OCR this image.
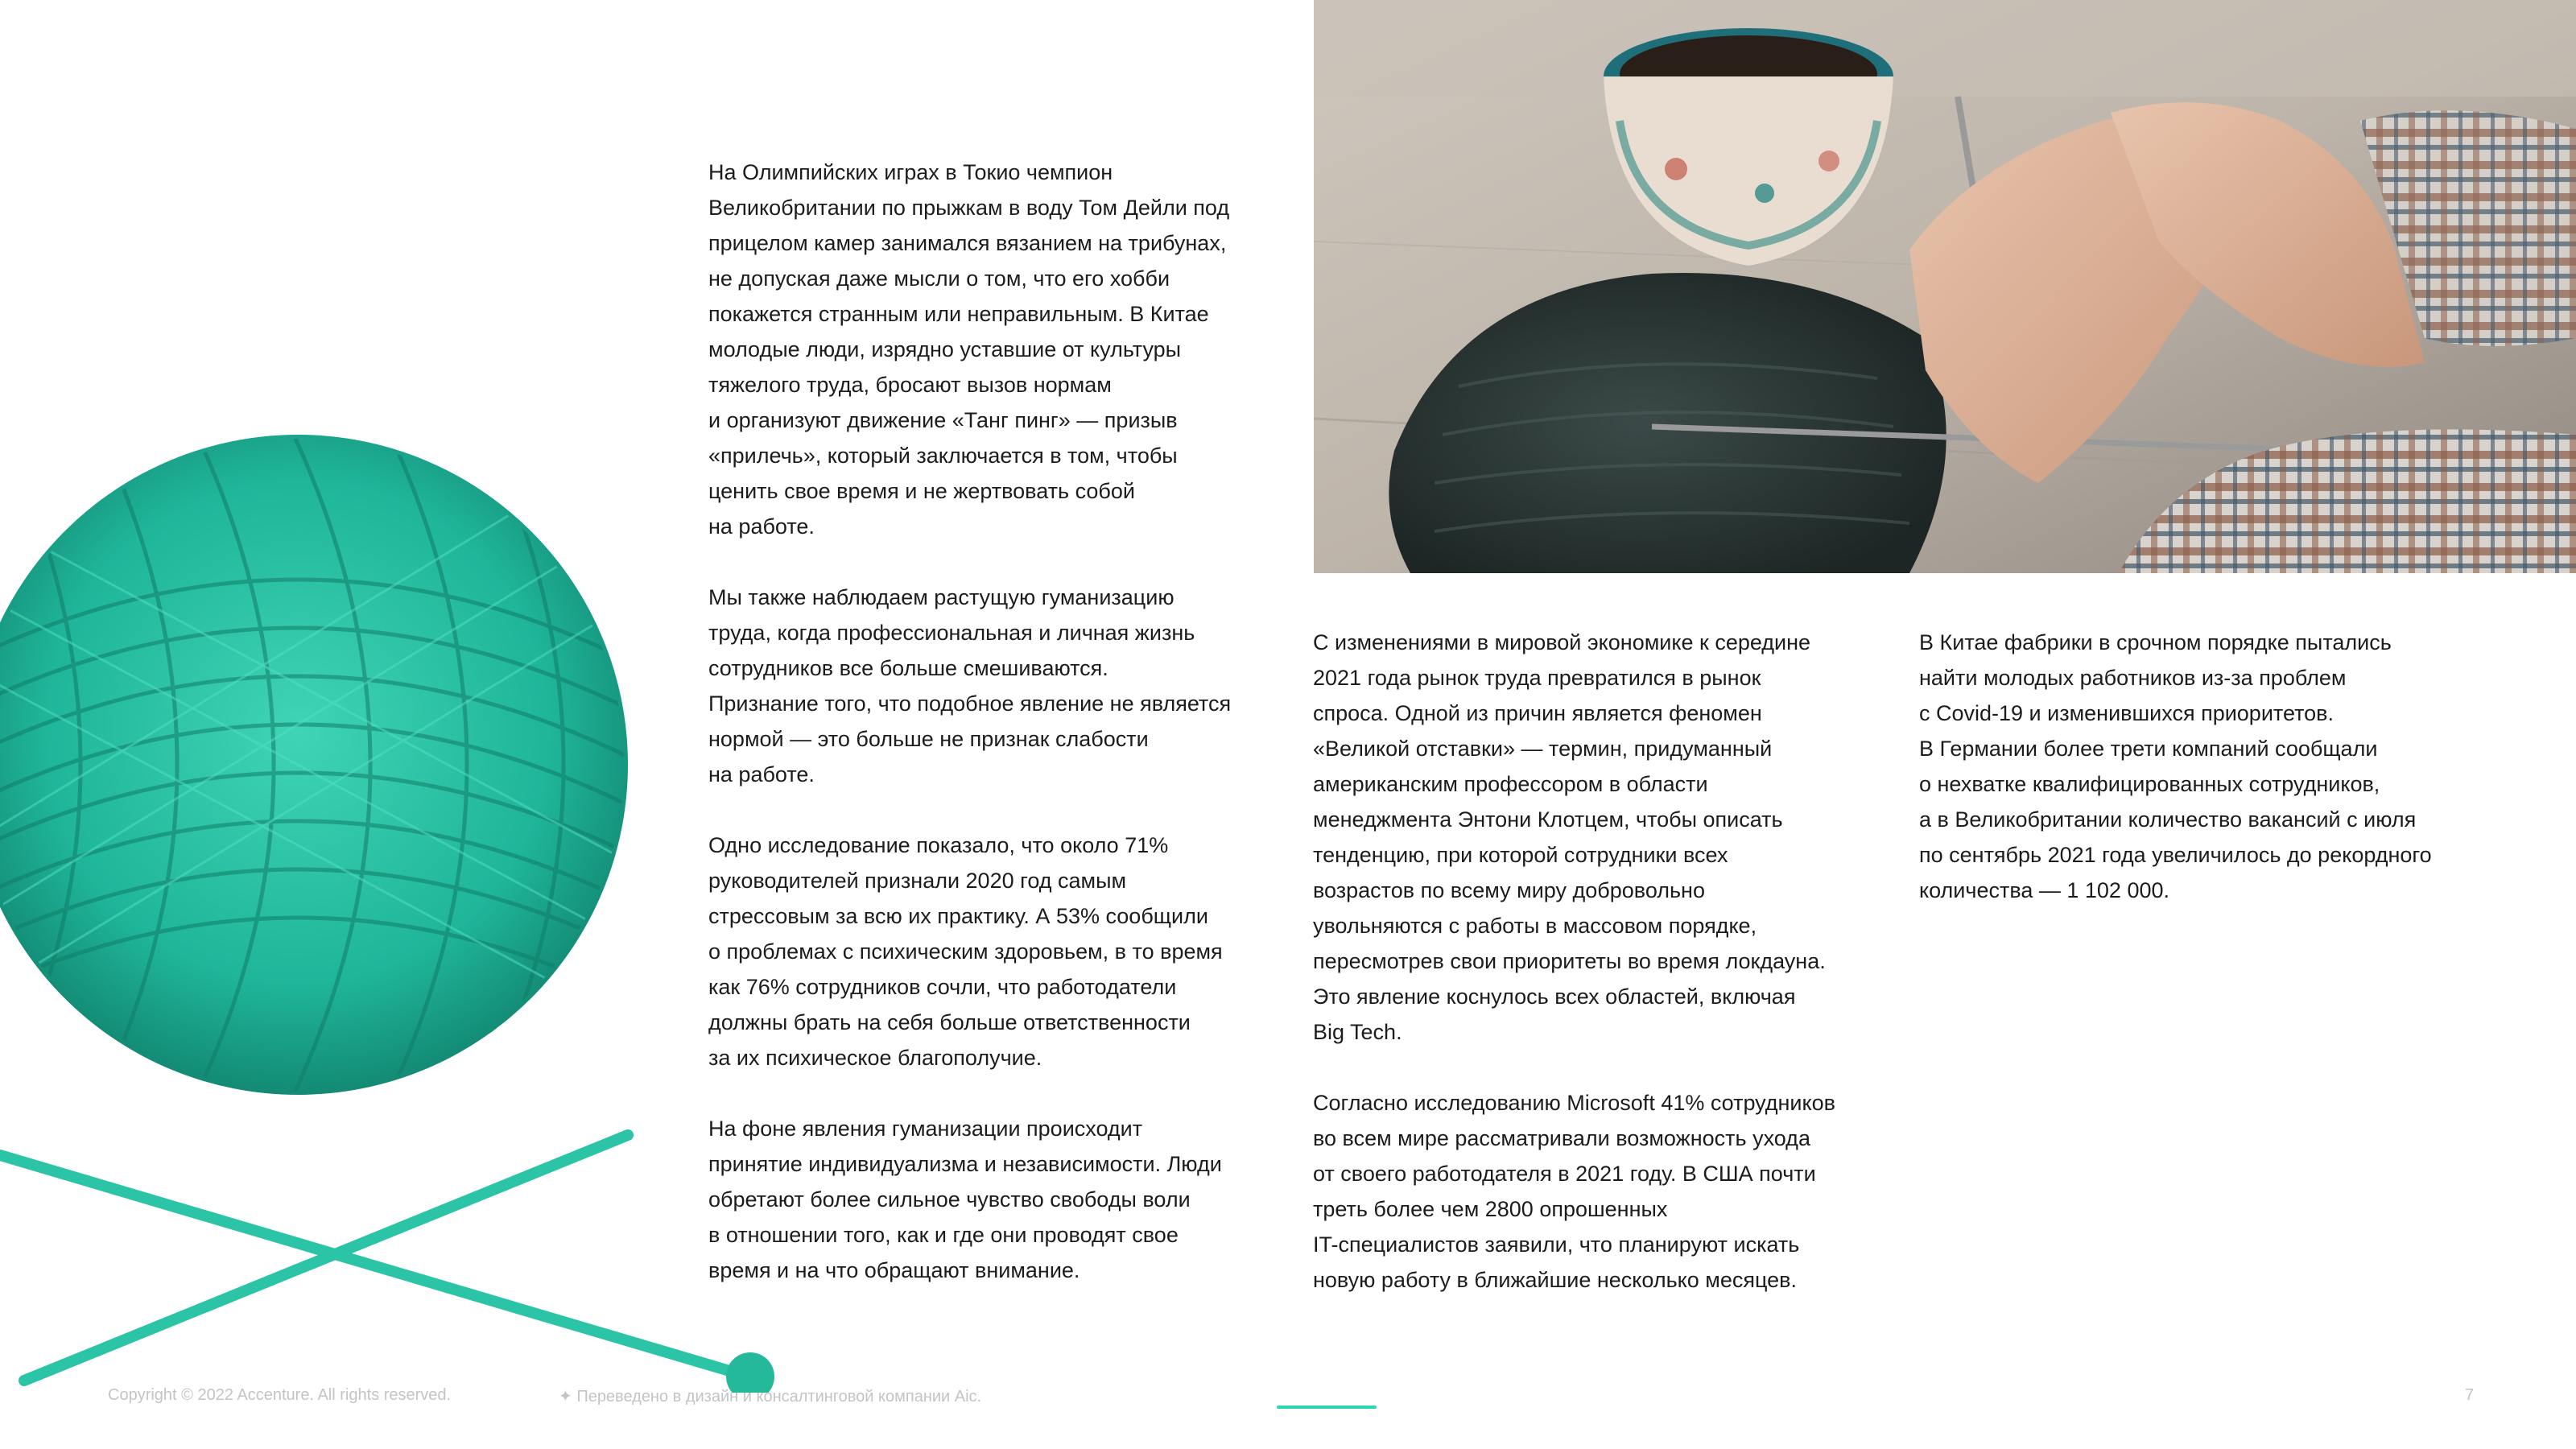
На Олимпийских играх в Токио чемпион
Великобритании по прыжкам в воду Том Дейли под
прицелом камер занимался вязанием на трибунах,
не допуская даже мысли о том, что его хобби
покажется странным или неправильным. В Китае
молодые люди, изрядно уставшие от культуры
тяжелого труда, бросают вызов нормам
и организуют движение «Танг пинг» — призыв
«прилечь», который заключается в том, чтобы
ценить свое время и не жертвовать собой
на работе.

Мы также наблюдаем растущую гуманизацию
труда, когда профессиональная и личная жизнь
сотрудников все больше смешиваются.
Признание того, что подобное явление не является
нормой — это больше не признак слабости
на работе.

Одно исследование показало, что около 71%
руководителей признали 2020 год самым
стрессовым за всю их практику. А 53% сообщили
о проблемах с психическим здоровьем, в то время
как 76% сотрудников сочли, что работодатели
должны брать на себя больше ответственности
за их психическое благополучие.

На фоне явления гуманизации происходит
принятие индивидуализма и независимости. Люди
обретают более сильное чувство свободы воли
в отношении того, как и где они проводят свое
время и на что обращают внимание.

С изменениями в мировой экономике к середине
2021 года рынок труда превратился в рынок
спроса. Одной из причин является феномен
«Великой отставки» — термин, придуманный
американским профессором в области
менеджмента Энтони Клотцем, чтобы описать
тенденцию, при которой сотрудники всех
возрастов по всему миру добровольно
увольняются с работы в массовом порядке,
пересмотрев свои приоритеты во время локдауна.
Это явление коснулось всех областей, включая
Big Tech.

Согласно исследованию Microsoft 41% сотрудников
во всем мире рассматривали возможность ухода
от своего работодателя в 2021 году. В США почти
треть более чем 2800 опрошенных
IT-специалистов заявили, что планируют искать
новую работу в ближайшие несколько месяцев.

В Китае фабрики в срочном порядке пытались
найти молодых работников из-за проблем
с Covid-19 и изменившихся приоритетов.
В Германии более трети компаний сообщали
о нехватке квалифицированных сотрудников,
а в Великобритании количество вакансий с июля
по сентябрь 2021 года увеличилось до рекордного
количества — 1 102 000.

Copyright © 2022 Accenture. All rights reserved.	✦ Переведено в дизайн и консалтинговой компании Aic.	7
